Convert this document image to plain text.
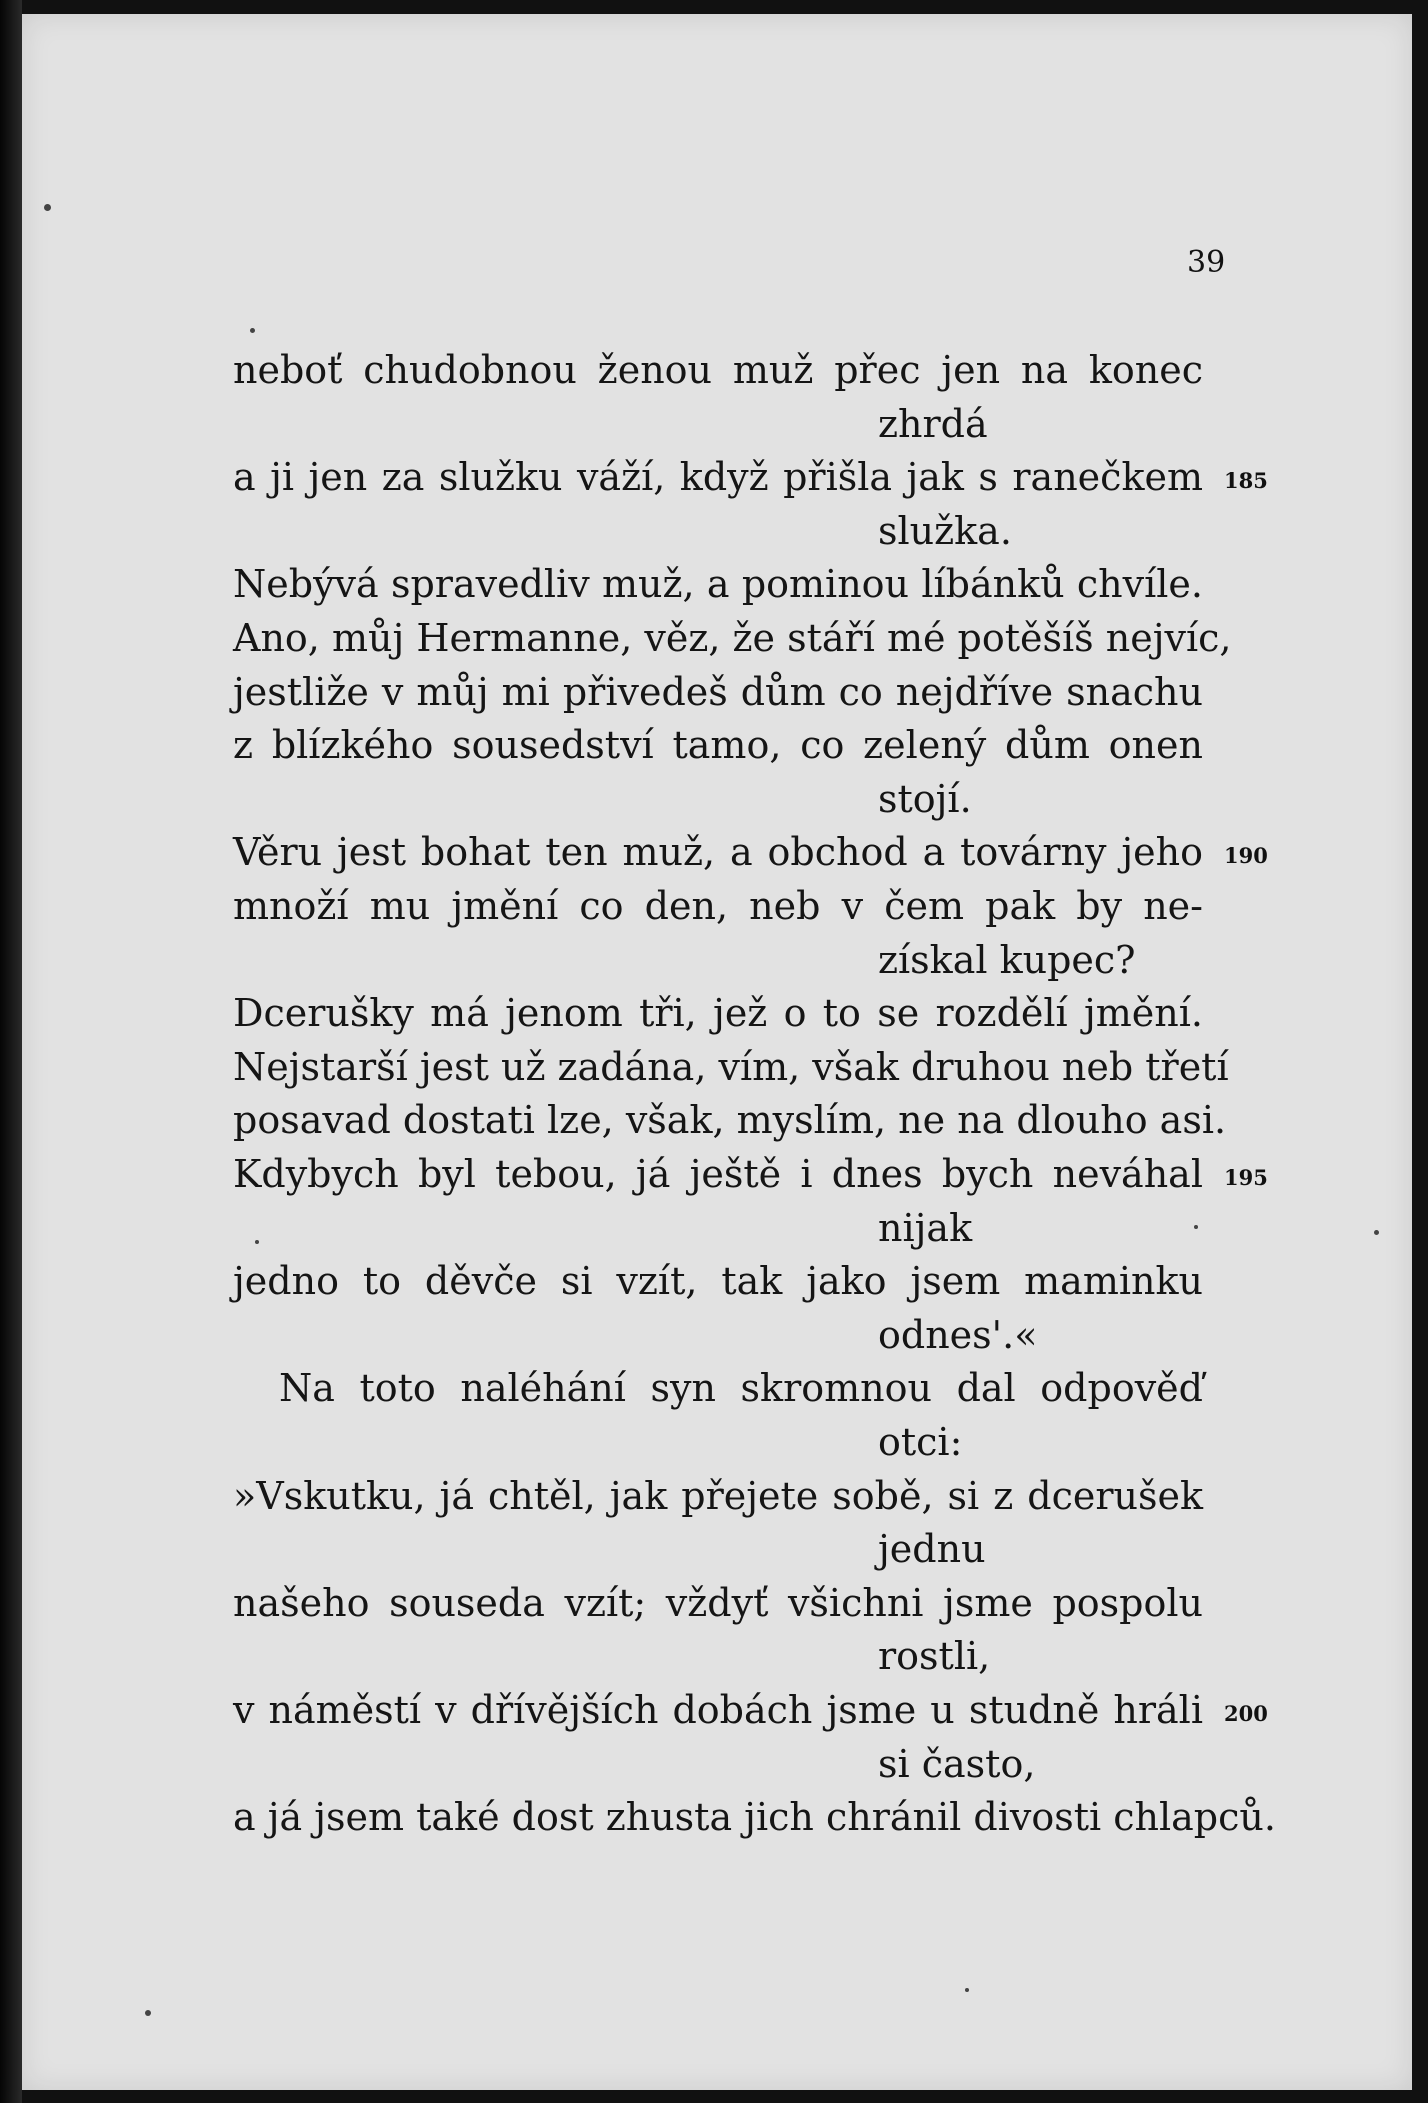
39
neboť chudobnou ženou muž přec jen na konec
zhrdá
a ji jen za služku váží, když přišla jak s ranečkem 185
služka.
Nebývá spravedliv muž, a pominou líbánků chvíle.
Ano, můj Hermanne, věz, že stáří mé potěšíš nejvíc,
jestliže v můj mi přivedeš dům co nejdříve snachu
z blízkého sousedství tamo, co zelený dům onen
stojí.
Věru jest bohat ten muž, a obchod a továrny jeho 190
množí mu jmění co den, neb v čem pak by ne-
získal kupec?
Dcerušky má jenom tři, jež o to se rozdělí jmění.
Nejstarší jest už zadána, vím, však druhou neb třetí
posavad dostati lze, však, myslím, ne na dlouho asi.
Kdybych byl tebou, já ještě i dnes bych neváhal 195
nijak
jedno to děvče si vzít, tak jako jsem maminku
odnes'.«
Na toto naléhání syn skromnou dal odpověď
otci:
»Vskutku, já chtěl, jak přejete sobě, si z dcerušek
jednu
našeho souseda vzít; vždyť všichni jsme pospolu
rostli,
v náměstí v dřívějších dobách jsme u studně hráli 200
si často,
a já jsem také dost zhusta jich chránil divosti chlapců.
